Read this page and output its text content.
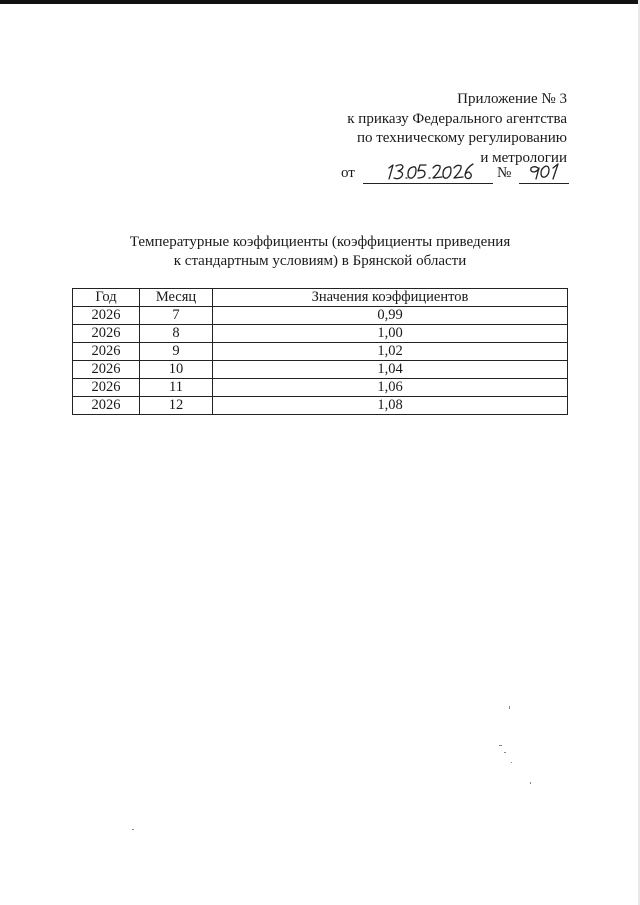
Приложение № 3
к приказу Федерального агентства
по техническому регулированию
и метрологии
от	№
Температурные коэффициенты (коэффициенты приведения
к стандартным условиям) в Брянской области
Год	Месяц	Значения коэффициентов
2026	7	0,99
2026	8	1,00
2026	9	1,02
2026	10	1,04
2026	11	1,06
2026	12	1,08
